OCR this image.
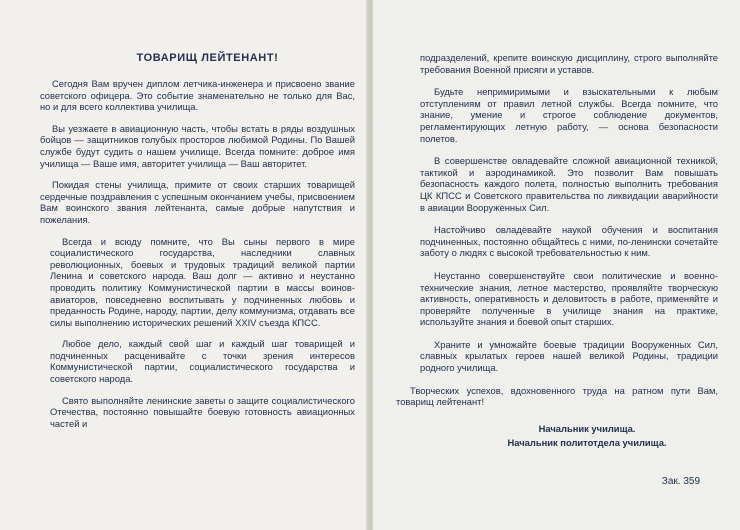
ТОВАРИЩ ЛЕЙТЕНАНТ!

Сегодня Вам вручен диплом летчика-инженера и присвоено звание советского офицера. Это событие знаменательно не только для Вас, но и для всего коллектива училища.

Вы уезжаете в авиационную часть, чтобы встать в ряды воздушных бойцов — защитников голубых просторов любимой Родины. По Вашей службе будут судить о нашем училище. Всегда помните: доброе имя училища — Ваше имя, авторитет училища — Ваш авторитет.

Покидая стены училища, примите от своих старших товарищей сердечные поздравления с успешным окончанием учебы, присвоением Вам воинского звания лейтенанта, самые добрые напутствия и пожелания.

Всегда и всюду помните, что Вы сыны первого в мире социалистического государства, наследники славных революционных, боевых и трудовых традиций великой партии Ленина и советского народа. Ваш долг — активно и неустанно проводить политику Коммунистической партии в массы воинов-авиаторов, повседневно воспитывать у подчиненных любовь и преданность Родине, народу, партии, делу коммунизма, отдавать все силы выполнению исторических решений XXIV съезда КПСС.

Любое дело, каждый свой шаг и каждый шаг товарищей и подчиненных расценивайте с точки зрения интересов Коммунистической партии, социалистического государства и советского народа.

Свято выполняйте ленинские заветы о защите социалистического Отечества, постоянно повышайте боевую готовность авиационных частей и

подразделений, крепите воинскую дисциплину, строго выполняйте требования Военной присяги и уставов.

Будьте непримиримыми и взыскательными к любым отступлениям от правил летной службы. Всегда помните, что знание, умение и строгое соблюдение документов, регламентирующих летную работу, — основа безопасности полетов.

В совершенстве овладевайте сложной авиационной техникой, тактикой и аэродинамикой. Это позволит Вам повышать безопасность каждого полета, полностью выполнить требования ЦК КПСС и Советского правительства по ликвидации аварийности в авиации Вооруженных Сил.

Настойчиво овладевайте наукой обучения и воспитания подчиненных, постоянно общайтесь с ними, по-ленински сочетайте заботу о людях с высокой требовательностью к ним.

Неустанно совершенствуйте свои политические и военно-технические знания, летное мастерство, проявляйте творческую активность, оперативность и деловитость в работе, применяйте и проверяйте полученные в училище знания на практике, используйте знания и боевой опыт старших.

Храните и умножайте боевые традиции Вооруженных Сил, славных крылатых героев нашей великой Родины, традиции родного училища.

Творческих успехов, вдохновенного труда на ратном пути Вам, товарищ лейтенант!

Начальник училища.

Начальник политотдела училища.

Зак. 359
